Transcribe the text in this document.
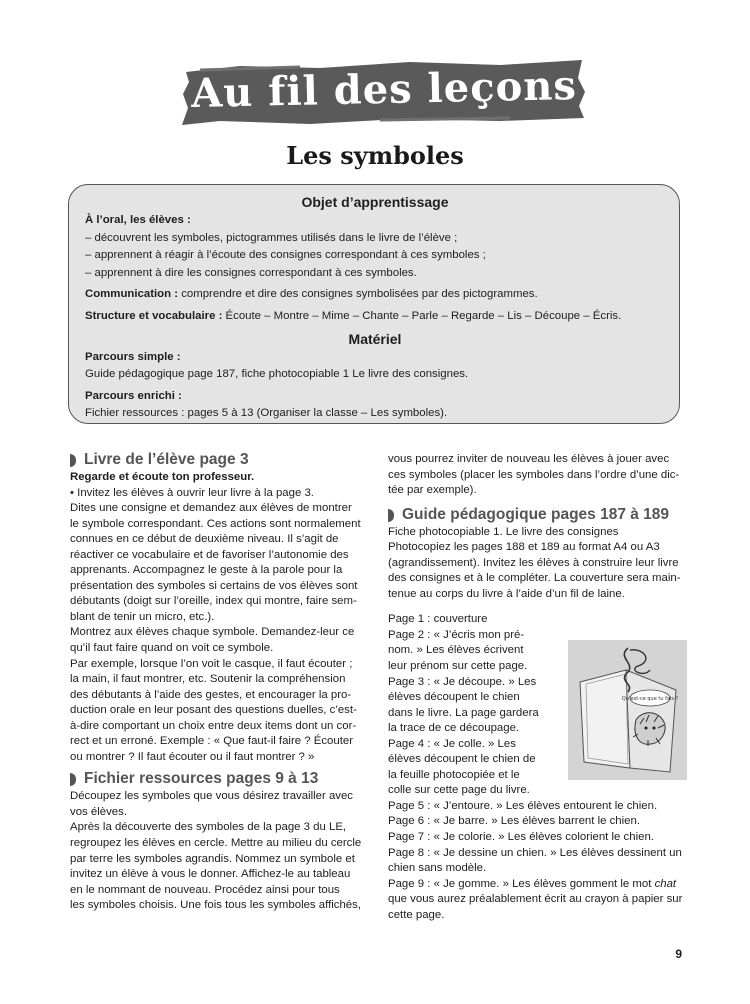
Au fil des leçons
Les symboles
Objet d’apprentissage
À l’oral, les élèves :
– découvrent les symboles, pictogrammes utilisés dans le livre de l’élève ;
– apprennent à réagir à l’écoute des consignes correspondant à ces symboles ;
– apprennent à dire les consignes correspondant à ces symboles.
Communication : comprendre et dire des consignes symbolisées par des pictogrammes.
Structure et vocabulaire : Écoute – Montre – Mime – Chante – Parle – Regarde – Lis – Découpe – Écris.
Matériel
Parcours simple :
Guide pédagogique page 187, fiche photocopiable 1 Le livre des consignes.
Parcours enrichi :
Fichier ressources : pages 5 à 13 (Organiser la classe – Les symboles).
Livre de l’élève page 3

Regarde et écoute ton professeur.

• Invitez les élèves à ouvrir leur livre à la page 3.

Dites une consigne et demandez aux élèves de montrer

le symbole correspondant. Ces actions sont normalement

connues en ce début de deuxième niveau. Il s’agit de

réactiver ce vocabulaire et de favoriser l’autonomie des

apprenants. Accompagnez le geste à la parole pour la

présentation des symboles si certains de vos élèves sont

débutants (doigt sur l’oreille, index qui montre, faire sem-

blant de tenir un micro, etc.).

Montrez aux élèves chaque symbole. Demandez-leur ce

qu’il faut faire quand on voit ce symbole.

Par exemple, lorsque l’on voit le casque, il faut écouter ;

la main, il faut montrer, etc. Soutenir la compréhension

des débutants à l’aide des gestes, et encourager la pro-

duction orale en leur posant des questions duelles, c’est-

à-dire comportant un choix entre deux items dont un cor-

rect et un erroné. Exemple : « Que faut-il faire ? Écouter

ou montrer ? Il faut écouter ou il faut montrer ? »

Fichier ressources pages 9 à 13

Découpez les symboles que vous désirez travailler avec

vos élèves.

Après la découverte des symboles de la page 3 du LE,

regroupez les élèves en cercle. Mettre au milieu du cercle

par terre les symboles agrandis. Nommez un symbole et

invitez un élève à vous le donner. Affichez-le au tableau

en le nommant de nouveau. Procédez ainsi pour tous

les symboles choisis. Une fois tous les symboles affichés,

vous pourrez inviter de nouveau les élèves à jouer avec

ces symboles (placer les symboles dans l’ordre d’une dic-

tée par exemple).

Guide pédagogique pages 187 à 189

Fiche photocopiable 1. Le livre des consignes

Photocopiez les pages 188 et 189 au format A4 ou A3

(agrandissement). Invitez les élèves à construire leur livre

des consignes et à le compléter. La couverture sera main-

tenue au corps du livre à l’aide d’un fil de laine.

Page 1 : couverture

Page 2 : « J’écris mon pré-

nom. » Les élèves écrivent

leur prénom sur cette page.

Page 3 : « Je découpe. » Les

élèves découpent le chien

dans le livre. La page gardera

la trace de ce découpage.

Page 4 : « Je colle. » Les

élèves découpent le chien de

la feuille photocopiée et le

colle sur cette page du livre.

Page 5 : « J’entoure. » Les élèves entourent le chien.

Page 6 : « Je barre. » Les élèves barrent le chien.

Page 7 : « Je colorie. » Les élèves colorient le chien.

Page 8 : « Je dessine un chien. » Les élèves dessinent un

chien sans modèle.

Page 9 : « Je gomme. » Les élèves gomment le mot chat

que vous aurez préalablement écrit au crayon à papier sur

cette page.

Qu’est-ce que tu fais ?
9
